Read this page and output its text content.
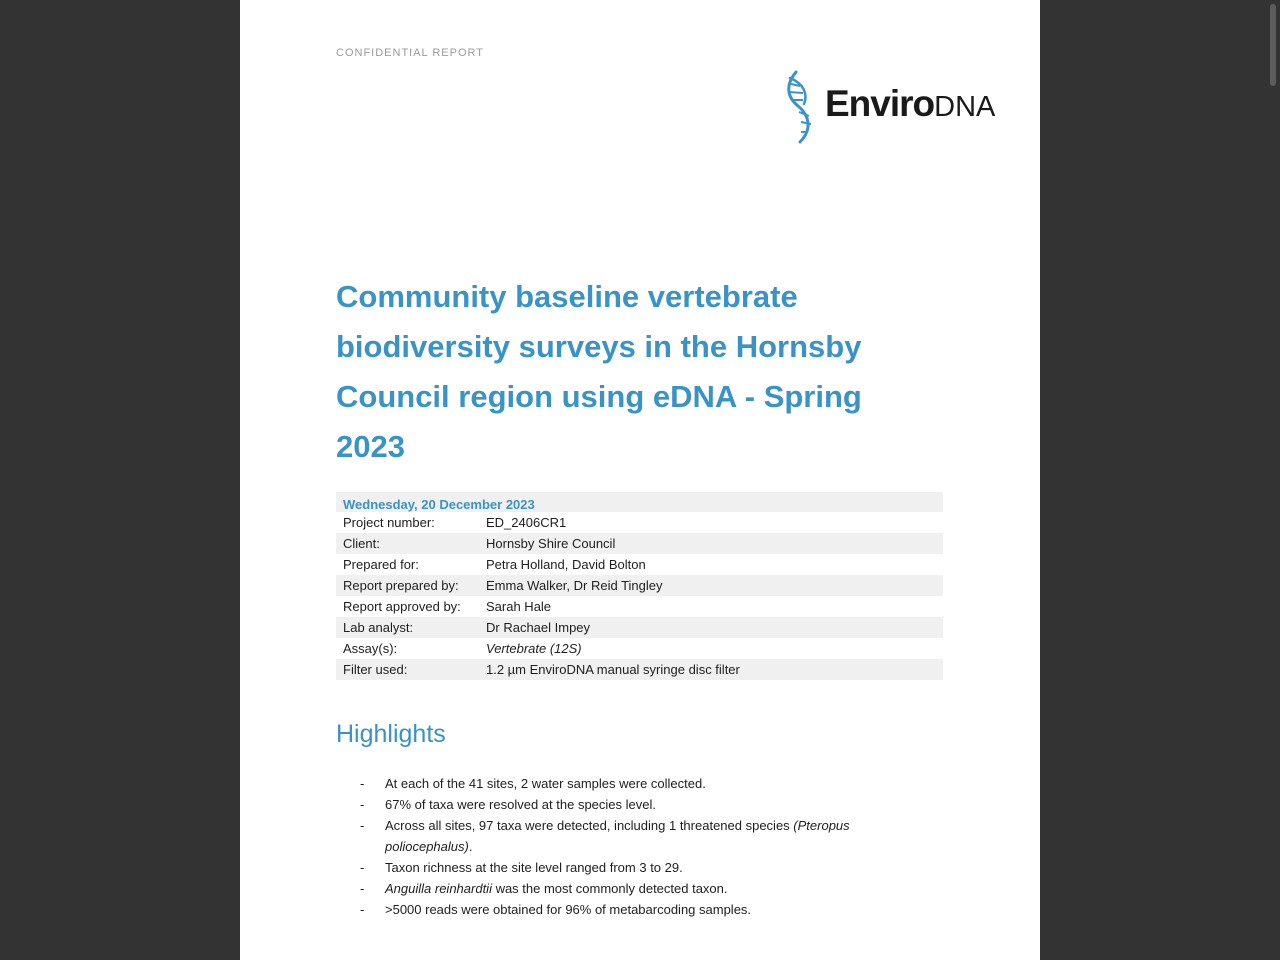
CONFIDENTIAL REPORT
EnviroDNA
Community baseline vertebrate biodiversity surveys in the Hornsby Council region using eDNA - Spring 2023
Wednesday, 20 December 2023	
Project number:	ED_2406CR1
Client:	Hornsby Shire Council
Prepared for:	Petra Holland, David Bolton
Report prepared by:	Emma Walker, Dr Reid Tingley
Report approved by:	Sarah Hale
Lab analyst:	Dr Rachael Impey
Assay(s):	Vertebrate (12S)
Filter used:	1.2 µm EnviroDNA manual syringe disc filter
Highlights
- At each of the 41 sites, 2 water samples were collected.
- 67% of taxa were resolved at the species level.
- Across all sites, 97 taxa were detected, including 1 threatened species (Pteropus poliocephalus).
- Taxon richness at the site level ranged from 3 to 29.
- Anguilla reinhardtii was the most commonly detected taxon.
- >5000 reads were obtained for 96% of metabarcoding samples.
